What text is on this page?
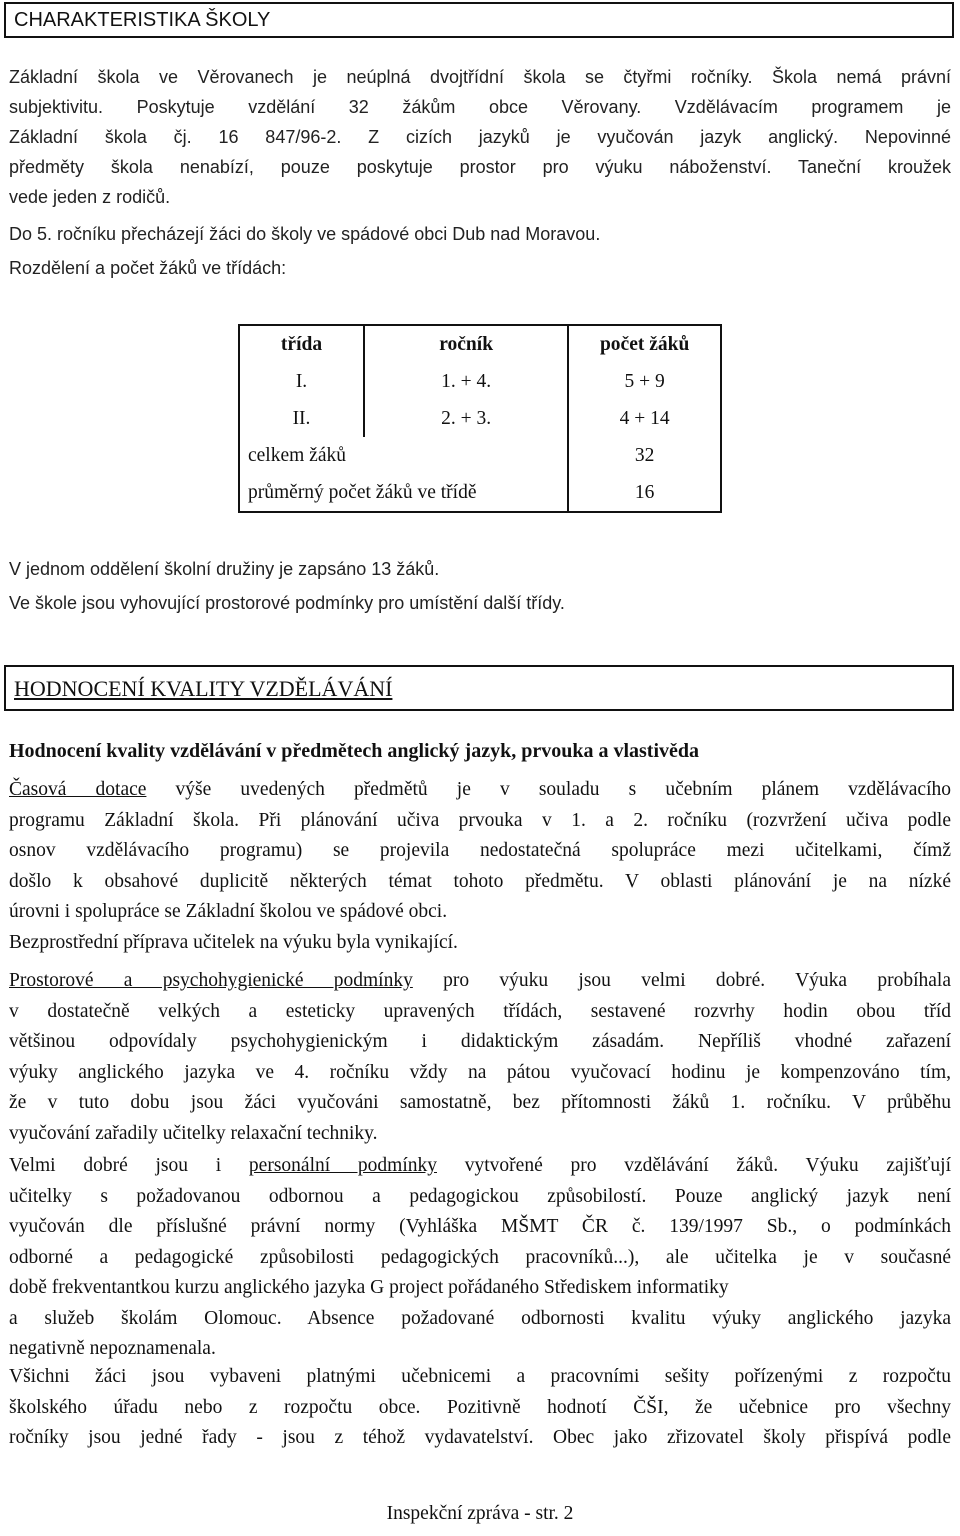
CHARAKTERISTIKA ŠKOLY
Základní škola ve Věrovanech je neúplná dvojtřídní škola se čtyřmi ročníky. Škola nemá právní
subjektivitu. Poskytuje vzdělání 32 žákům obce Věrovany. Vzdělávacím programem je
Základní škola čj. 16 847/96-2. Z cizích jazyků je vyučován jazyk anglický. Nepovinné
předměty škola nenabízí, pouze poskytuje prostor pro výuku náboženství. Taneční kroužek
vede jeden z rodičů.
Do 5. ročníku přecházejí žáci do školy ve spádové obci Dub nad Moravou.
Rozdělení a počet žáků ve třídách:
třída	ročník	počet žáků
I.	1. + 4.	5 + 9
II.	2. + 3.	4 + 14
celkem žáků		32
průměrný počet žáků ve třídě		16
V jednom oddělení školní družiny je zapsáno 13 žáků.
Ve škole jsou vyhovující prostorové podmínky pro umístění další třídy.
HODNOCENÍ KVALITY VZDĚLÁVÁNÍ

Hodnocení kvality vzdělávání v předmětech anglický jazyk, prvouka a vlastivěda

Časová dotace výše uvedených předmětů je v souladu s učebním plánem vzdělávacího
programu Základní škola. Při plánování učiva prvouka v 1. a 2. ročníku (rozvržení učiva podle
osnov vzdělávacího programu) se projevila nedostatečná spolupráce mezi učitelkami, čímž
došlo k obsahové duplicitě některých témat tohoto předmětu. V oblasti plánování je na nízké
úrovni i spolupráce se Základní školou ve spádové obci.
Bezprostřední příprava učitelek na výuku byla vynikající.
Prostorové a psychohygienické podmínky pro výuku jsou velmi dobré. Výuka probíhala
v dostatečně velkých a esteticky upravených třídách, sestavené rozvrhy hodin obou tříd
většinou odpovídaly psychohygienickým i didaktickým zásadám. Nepříliš vhodné zařazení
výuky anglického jazyka ve 4. ročníku vždy na pátou vyučovací hodinu je kompenzováno tím,
že v tuto dobu jsou žáci vyučováni samostatně, bez přítomnosti žáků 1. ročníku. V průběhu
vyučování zařadily učitelky relaxační techniky.
Velmi dobré jsou i personální podmínky vytvořené pro vzdělávání žáků. Výuku zajišťují
učitelky s požadovanou odbornou a pedagogickou způsobilostí. Pouze anglický jazyk není
vyučován dle příslušné právní normy (Vyhláška MŠMT ČR č. 139/1997 Sb., o podmínkách
odborné a pedagogické způsobilosti pedagogických pracovníků...), ale učitelka je v současné
době frekventantkou kurzu anglického jazyka G project pořádaného Střediskem informatiky
a služeb školám Olomouc. Absence požadované odbornosti kvalitu výuky anglického jazyka
negativně nepoznamenala.
Všichni žáci jsou vybaveni platnými učebnicemi a pracovními sešity pořízenými z rozpočtu
školského úřadu nebo z rozpočtu obce. Pozitivně hodnotí ČŠI, že učebnice pro všechny
ročníky jsou jedné řady - jsou z téhož vydavatelství. Obec jako zřizovatel školy přispívá podle
Inspekční zpráva - str. 2
